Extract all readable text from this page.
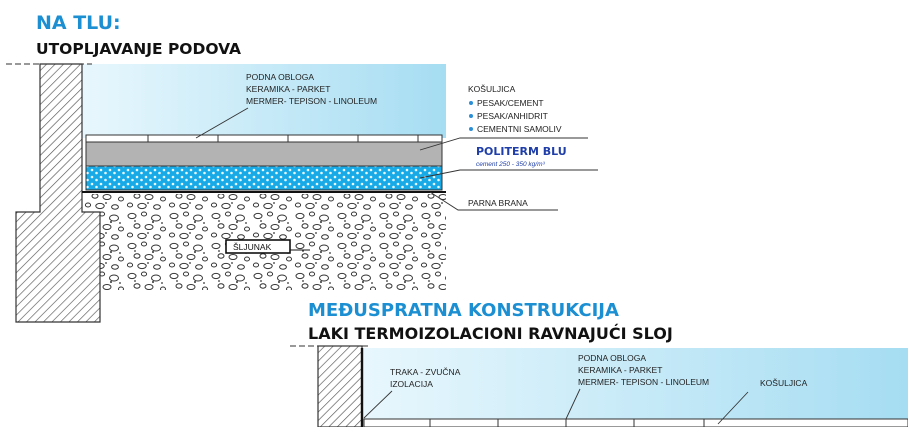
NA TLU:
UTOPLJAVANJE PODOVA
PODNA OBLOGA
KERAMIKA - PARKET
MERMER- TEPISON - LINOLEUM
KOŠULJICA
PESAK/CEMENT
PESAK/ANHIDRIT
CEMENTNI SAMOLIV
POLITERM BLU
cement 250 - 350 kg/m³
PARNA BRANA
ŠLJUNAK
MEĐUSPRATNA KONSTRUKCIJA
LAKI TERMOIZOLACIONI RAVNAJUĆI SLOJ
TRAKA - ZVUČNA
IZOLACIJA
PODNA OBLOGA
KERAMIKA - PARKET
MERMER- TEPISON - LINOLEUM	KOŠULJICA
